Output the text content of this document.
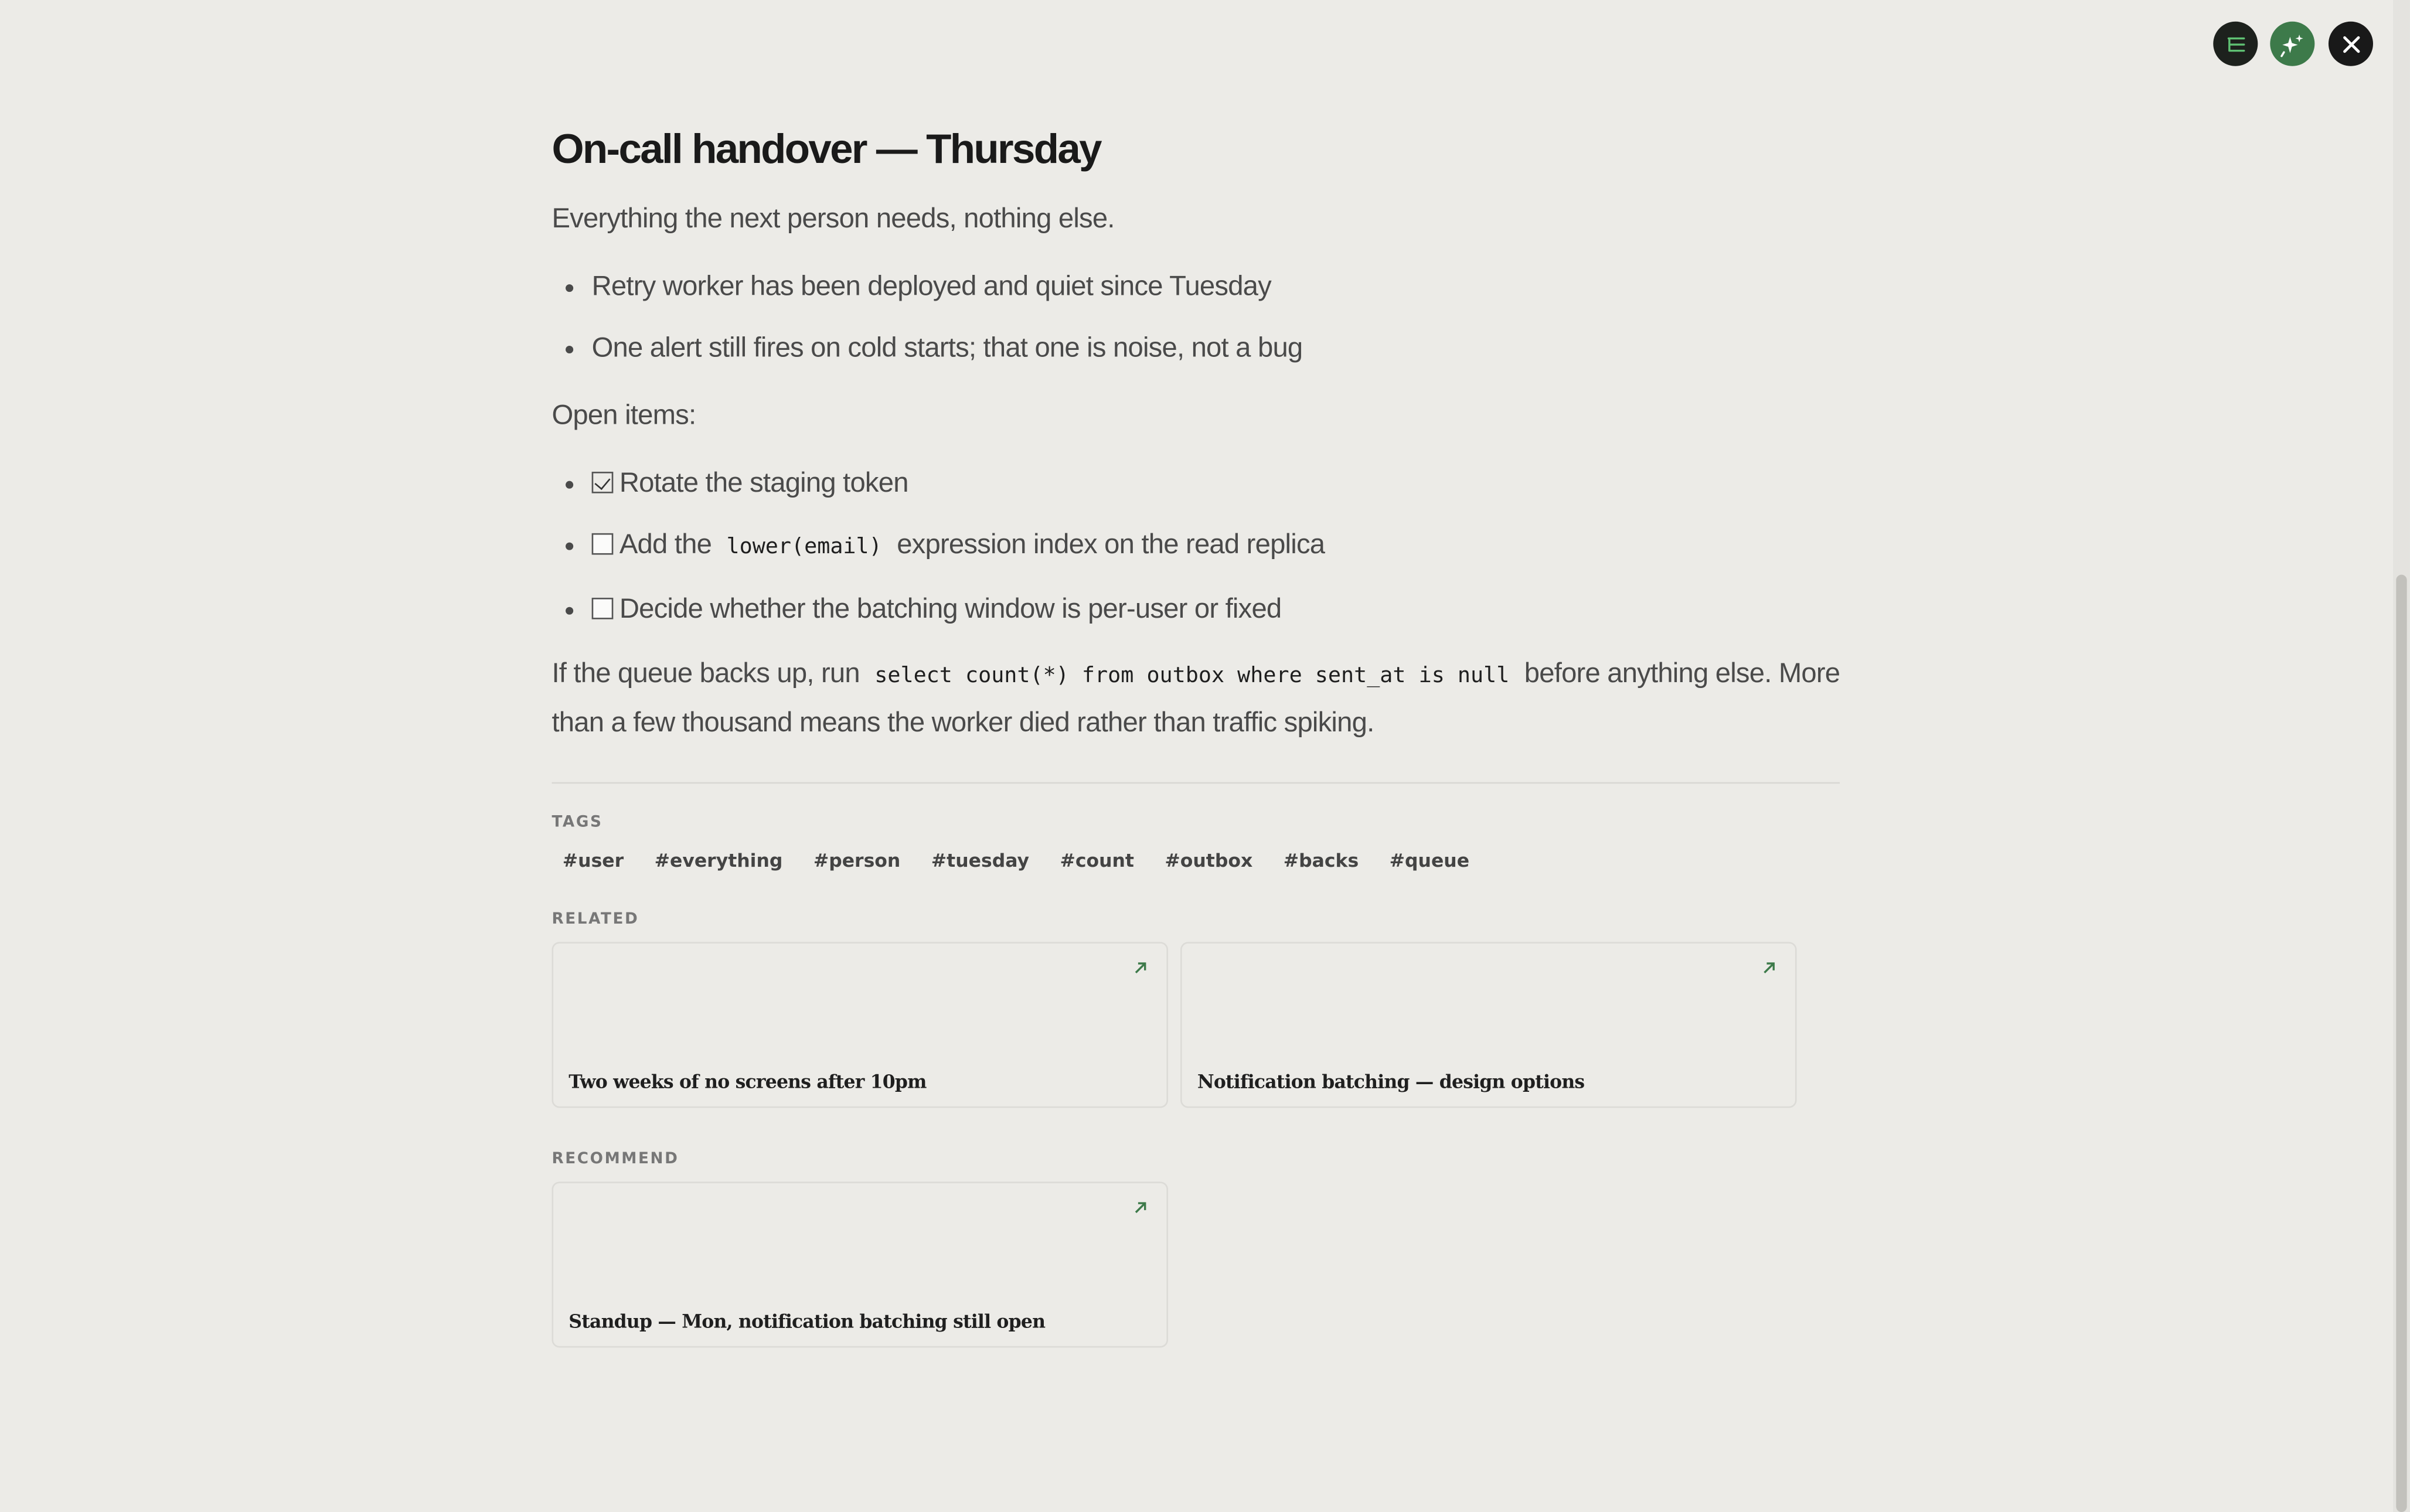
On-call handover — Thursday

Everything the next person needs, nothing else.

• Retry worker has been deployed and quiet since Tuesday
• One alert still fires on cold starts; that one is noise, not a bug

Open items:

• Rotate the staging token
• Add the lower(email) expression index on the read replica
• Decide whether the batching window is per-user or fixed

If the queue backs up, run select count(*) from outbox where sent_at is null before anything else. More than a few thousand means the worker died rather than traffic spiking.

TAGS
#user	#everything	#person	#tuesday	#count	#outbox	#backs	#queue
RELATED
Two weeks of no screens after 10pm	Notification batching — design options
RECOMMEND
Standup — Mon, notification batching still open
